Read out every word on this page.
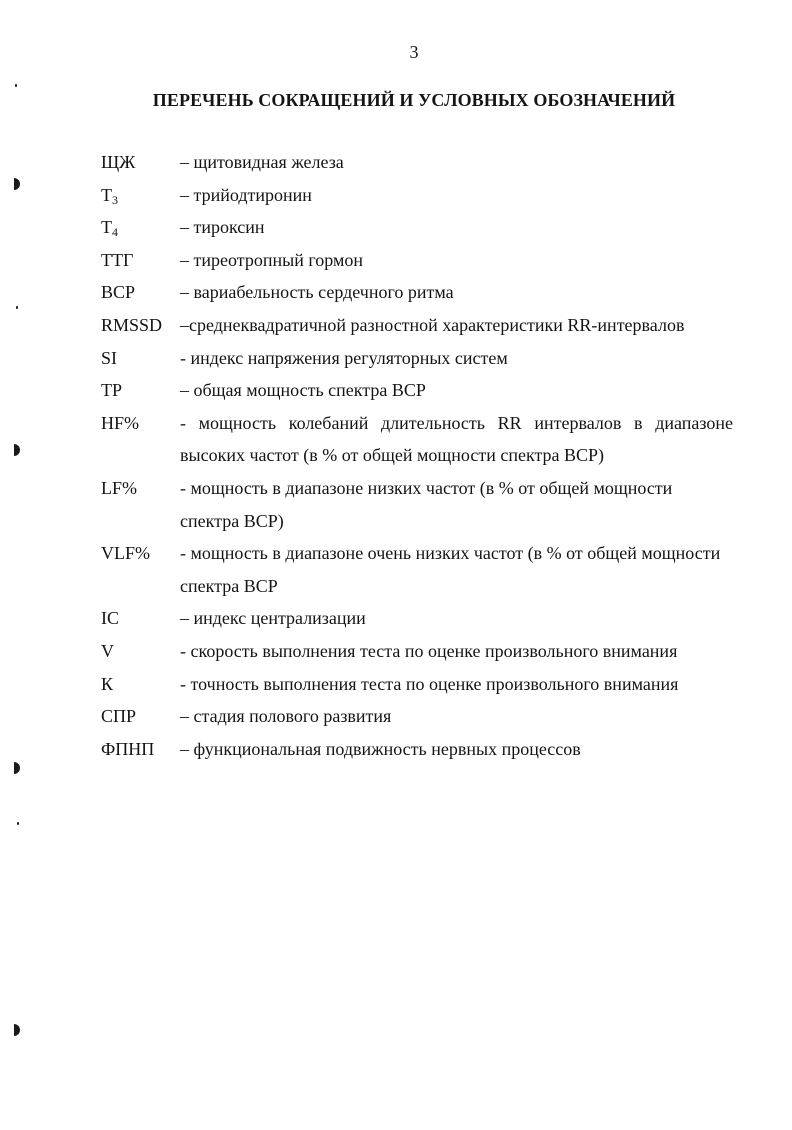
3
ПЕРЕЧЕНЬ СОКРАЩЕНИЙ И УСЛОВНЫХ ОБОЗНАЧЕНИЙ
ЩЖ – щитовидная железа
$T_3$	– трийодтиронин
$T_4$	– тироксин
ТТГ	– тиреотропный гормон
ВСР – вариабельность сердечного ритма
RMSSD –среднеквадратичной разностной характеристики RR-интервалов
SI	- индекс напряжения регуляторных систем
TP	– общая мощность спектра ВСР
HF% - мощность колебаний длительность RR интервалов в диапазоне высоких частот (в % от общей мощности спектра ВСР)
LF% - мощность в диапазоне низких частот (в % от общей мощности спектра ВСР)
VLF% - мощность в диапазоне очень низких частот (в % от общей мощности спектра ВСР
IC	– индекс централизации
V	- скорость выполнения теста по оценке произвольного внимания
К	- точность выполнения теста по оценке произвольного внимания
СПР – стадия полового развития
ФПНП – функциональная подвижность нервных процессов
